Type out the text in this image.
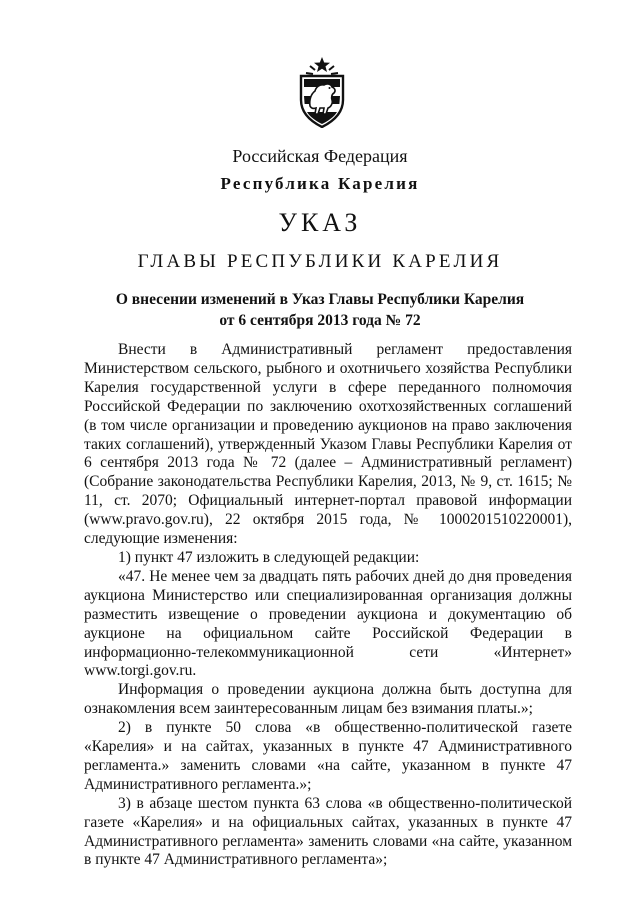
Российская Федерация
Республика Карелия
УКАЗ
ГЛАВЫ РЕСПУБЛИКИ КАРЕЛИЯ
О внесении изменений в Указ Главы Республики Карелия
от 6 сентября 2013 года № 72

Внести в Административный регламент предоставления Министерством сельского, рыбного и охотничьего хозяйства Республики Карелия государственной услуги в сфере переданного полномочия Российской Федерации по заключению охотхозяйственных соглашений (в том числе организации и проведению аукционов на право заключения таких соглашений), утвержденный Указом Главы Республики Карелия от 6 сентября 2013 года № 72 (далее – Административный регламент) (Собрание законодательства Республики Карелия, 2013, № 9, ст. 1615; № 11, ст. 2070; Официальный интернет-портал правовой информации (www.pravo.gov.ru), 22 октября 2015 года, № 1000201510220001), следующие изменения:

1) пункт 47 изложить в следующей редакции:

«47. Не менее чем за двадцать пять рабочих дней до дня проведения аукциона Министерство или специализированная организация должны разместить извещение о проведении аукциона и документацию об аукционе на официальном сайте Российской Федерации в информационно-телекоммуникационной сети «Интернет» www.torgi.gov.ru.

Информация о проведении аукциона должна быть доступна для ознакомления всем заинтересованным лицам без взимания платы.»;

2) в пункте 50 слова «в общественно-политической газете «Карелия» и на сайтах, указанных в пункте 47 Административного регламента.» заменить словами «на сайте, указанном в пункте 47 Административного регламента.»;

3) в абзаце шестом пункта 63 слова «в общественно-политической газете «Карелия» и на официальных сайтах, указанных в пункте 47 Административного регламента» заменить словами «на сайте, указанном в пункте 47 Административного регламента»;
